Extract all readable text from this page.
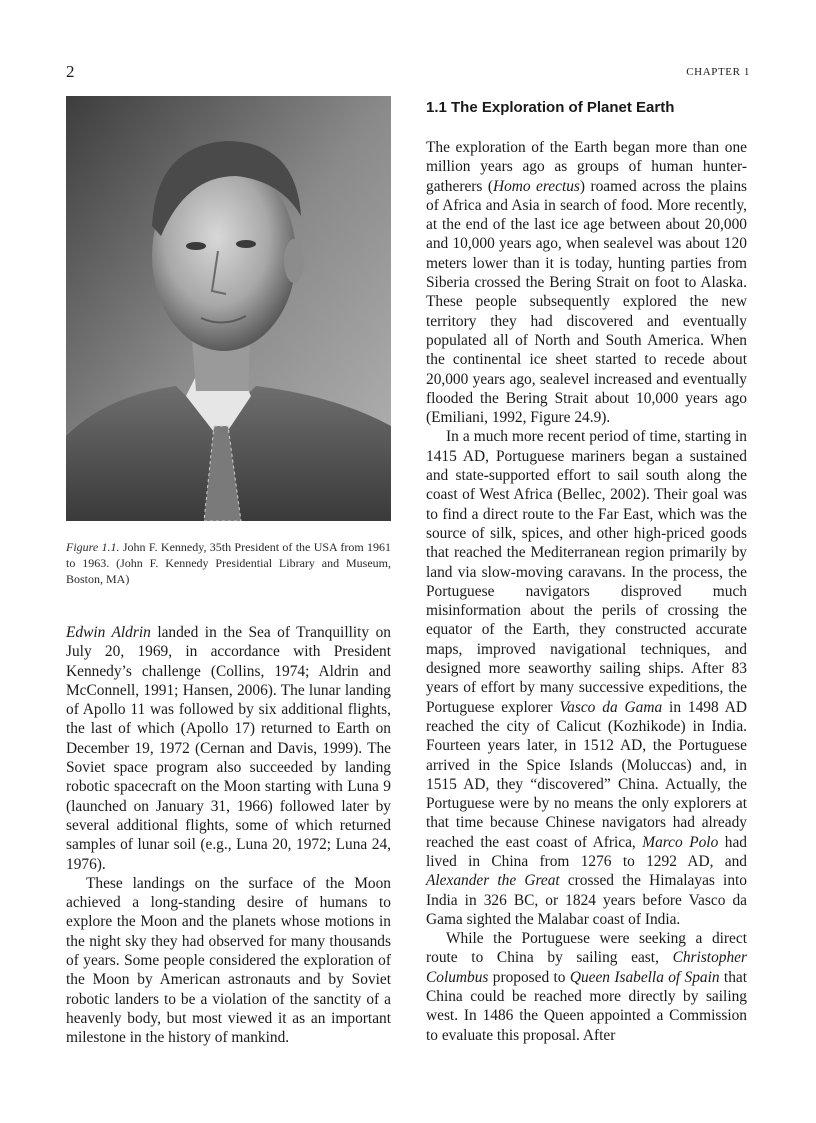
2	CHAPTER 1
Figure 1.1. John F. Kennedy, 35th President of the USA from 1961 to 1963. (John F. Kennedy Presidential Library and Museum, Boston, MA)

Edwin Aldrin landed in the Sea of Tranquillity on July 20, 1969, in accordance with President Kennedy’s challenge (Collins, 1974; Aldrin and McConnell, 1991; Hansen, 2006). The lunar landing of Apollo 11 was followed by six additional flights, the last of which (Apollo 17) returned to Earth on December 19, 1972 (Cernan and Davis, 1999). The Soviet space program also succeeded by landing robotic spacecraft on the Moon starting with Luna 9 (launched on January 31, 1966) followed later by several additional flights, some of which returned samples of lunar soil (e.g., Luna 20, 1972; Luna 24, 1976).

These landings on the surface of the Moon achieved a long-standing desire of humans to explore the Moon and the planets whose motions in the night sky they had observed for many thousands of years. Some people considered the exploration of the Moon by American astronauts and by Soviet robotic landers to be a violation of the sanctity of a heavenly body, but most viewed it as an important milestone in the history of mankind.

1.1 The Exploration of Planet Earth

The exploration of the Earth began more than one million years ago as groups of human hunter-gatherers (Homo erectus) roamed across the plains of Africa and Asia in search of food. More recently, at the end of the last ice age between about 20,000 and 10,000 years ago, when sealevel was about 120 meters lower than it is today, hunting parties from Siberia crossed the Bering Strait on foot to Alaska. These people subsequently explored the new territory they had discovered and eventually populated all of North and South America. When the continental ice sheet started to recede about 20,000 years ago, sealevel increased and eventually flooded the Bering Strait about 10,000 years ago (Emiliani, 1992, Figure 24.9).

In a much more recent period of time, starting in 1415 AD, Portuguese mariners began a sustained and state-supported effort to sail south along the coast of West Africa (Bellec, 2002). Their goal was to find a direct route to the Far East, which was the source of silk, spices, and other high-priced goods that reached the Mediterranean region primarily by land via slow-moving caravans. In the process, the Portuguese navigators disproved much misinformation about the perils of crossing the equator of the Earth, they constructed accurate maps, improved navigational techniques, and designed more seaworthy sailing ships. After 83 years of effort by many successive expeditions, the Portuguese explorer Vasco da Gama in 1498 AD reached the city of Calicut (Kozhikode) in India. Fourteen years later, in 1512 AD, the Portuguese arrived in the Spice Islands (Moluccas) and, in 1515 AD, they “discovered” China. Actually, the Portuguese were by no means the only explorers at that time because Chinese navigators had already reached the east coast of Africa, Marco Polo had lived in China from 1276 to 1292 AD, and Alexander the Great crossed the Himalayas into India in 326 BC, or 1824 years before Vasco da Gama sighted the Malabar coast of India.

While the Portuguese were seeking a direct route to China by sailing east, Christopher Columbus proposed to Queen Isabella of Spain that China could be reached more directly by sailing west. In 1486 the Queen appointed a Commission to evaluate this proposal. After
